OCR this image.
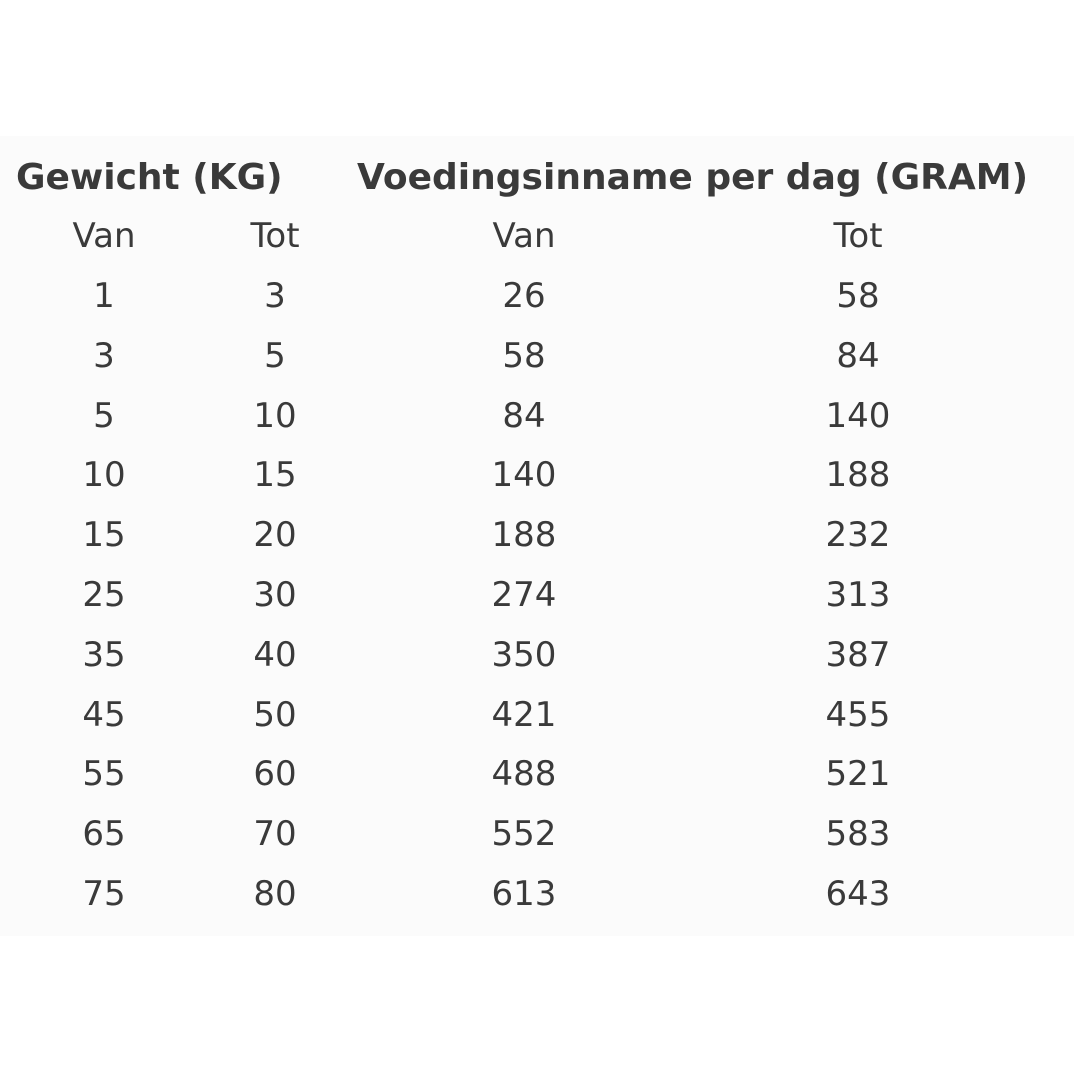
Gewicht (KG) Voedingsinname per dag (GRAM)
Van	Tot	Van	Tot
1	3	26	58
3	5	58	84
5	10	84	140
10	15	140	188
15	20	188	232
25	30	274	313
35	40	350	387
45	50	421	455
55	60	488	521
65	70	552	583
75	80	613	643
